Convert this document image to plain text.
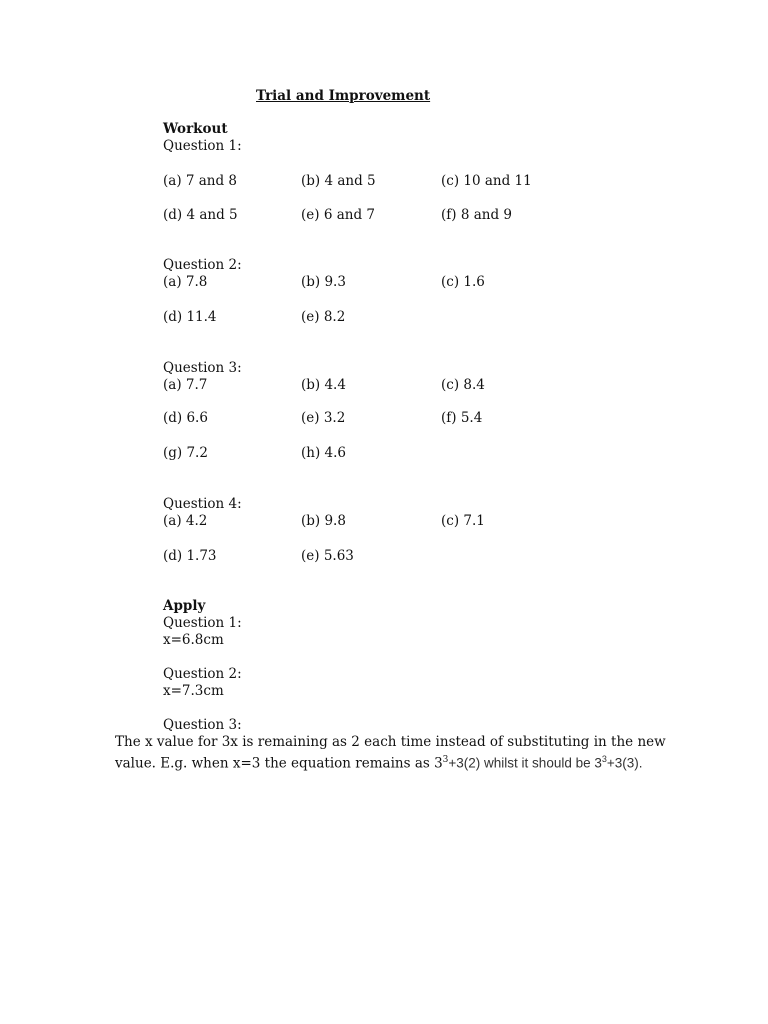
Trial and Improvement
Workout
Question 1:
(a) 7 and 8	(b) 4 and 5	(c) 10 and 11
(d) 4 and 5	(e) 6 and 7	(f) 8 and 9
Question 2:
(a) 7.8	(b) 9.3	(c) 1.6
(d) 11.4	(e) 8.2
Question 3:
(a) 7.7	(b) 4.4	(c) 8.4
(d) 6.6	(e) 3.2	(f) 5.4
(g) 7.2	(h) 4.6
Question 4:
(a) 4.2	(b) 9.8	(c) 7.1
(d) 1.73	(e) 5.63
Apply
Question 1:
x=6.8cm
Question 2:
x=7.3cm
Question 3:
The x value for 3x is remaining as 2 each time instead of substituting in the new
value. E.g. when x=3 the equation remains as $3^3+3(2)$ whilst it should be $3^3+3(3)$.
